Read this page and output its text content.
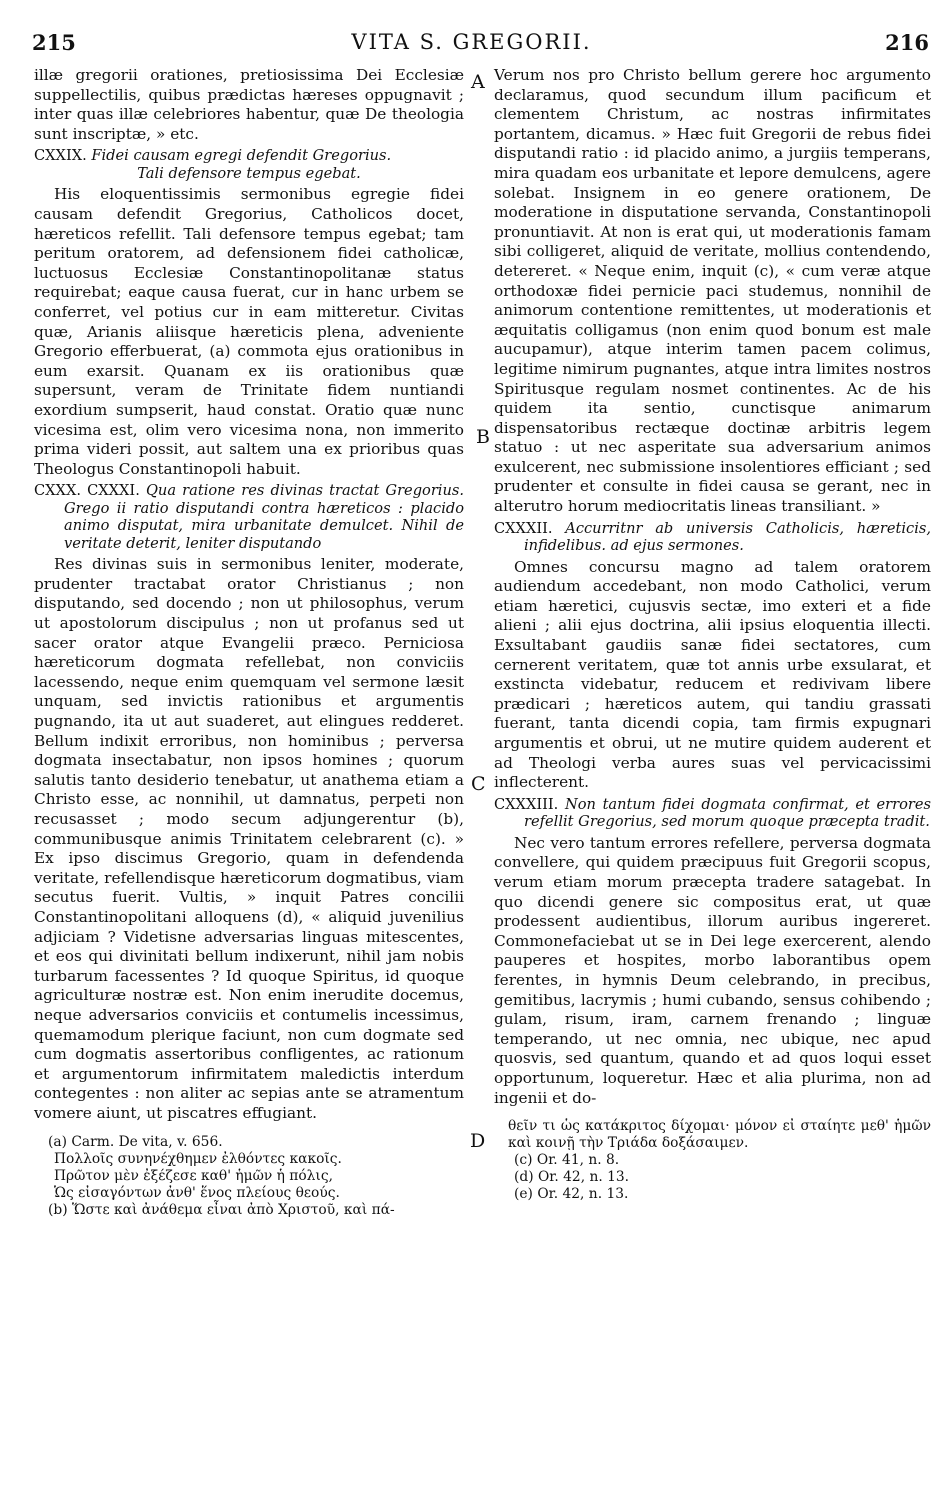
VITA S. GREGORII.
215	216
A
B
C
D

illæ gregorii orationes, pretiosissima Dei Ecclesiæ suppellectilis, quibus prædictas hæreses oppugnavit ; inter quas illæ celebriores habentur, quæ De theologia sunt inscriptæ, » etc.

CXXIX. Fidei causam egregi defendit Gregorius.
Tali defensore tempus egebat.

His eloquentissimis sermonibus egregie fidei causam defendit Gregorius, Catholicos docet, hæreticos refellit. Tali defensore tempus egebat; tam peritum oratorem, ad defensionem fidei catholicæ, luctuosus Ecclesiæ Constantinopolitanæ status requirebat; eaque causa fuerat, cur in hanc urbem se conferret, vel potius cur in eam mitteretur. Civitas quæ, Arianis aliisque hæreticis plena, adveniente Gregorio efferbuerat, (a) commota ejus orationibus in eum exarsit. Quanam ex iis orationibus quæ supersunt, veram de Trinitate fidem nuntiandi exordium sumpserit, haud constat. Oratio quæ nunc vicesima est, olim vero vicesima nona, non immerito prima videri possit, aut saltem una ex prioribus quas Theologus Constantinopoli habuit.

CXXX. CXXXI. Qua ratione res divinas tractat Gregorius. Grego ii ratio disputandi contra hæreticos : placido animo disputat, mira urbanitate demulcet. Nihil de veritate deterit, leniter disputando

Res divinas suis in sermonibus leniter, moderate, prudenter tractabat orator Christianus ; non disputando, sed docendo ; non ut philosophus, verum ut apostolorum discipulus ; non ut profanus sed ut sacer orator atque Evangelii præco. Perniciosa hæreticorum dogmata refellebat, non conviciis lacessendo, neque enim quemquam vel sermone læsit unquam, sed invictis rationibus et argumentis pugnando, ita ut aut suaderet, aut elingues redderet. Bellum indixit erroribus, non hominibus ; perversa dogmata insectabatur, non ipsos homines ; quorum salutis tanto desiderio tenebatur, ut anathema etiam a Christo esse, ac nonnihil, ut damnatus, perpeti non recusasset ; modo secum adjungerentur (b), communibusque animis Trinitatem celebrarent (c). » Ex ipso discimus Gregorio, quam in defendenda veritate, refellendisque hæreticorum dogmatibus, viam secutus fuerit. Vultis, » inquit Patres concilii Constantinopolitani alloquens (d), « aliquid juvenilius adjiciam ? Videtisne adversarias linguas mitescentes, et eos qui divinitati bellum indixerunt, nihil jam nobis turbarum facessentes ? Id quoque Spiritus, id quoque agriculturæ nostræ est. Non enim inerudite docemus, neque adversarios conviciis et contumelis incessimus, quemamodum plerique faciunt, non cum dogmate sed cum dogmatis assertoribus confligentes, ac rationum et argumentorum infirmitatem maledictis interdum contegentes : non aliter ac sepias ante se atramentum vomere aiunt, ut piscatres effugiant.

(a) Carm. De vita, v. 656.

Πολλοῖς συνηνέχθημεν ἐλθόντες κακοῖς.

Πρῶτον μὲν ἐξέζεσε καθ' ἡμῶν ἡ πόλις,

Ὡς εἰσαγόντων ἀνθ' ἕνος πλείους θεούς.

(b) Ὥστε καὶ ἀνάθεμα εἶναι ἀπὸ Χριστοῦ, καὶ πά-

Verum nos pro Christo bellum gerere hoc argumento declaramus, quod secundum illum pacificum et clementem Christum, ac nostras infirmitates portantem, dicamus. » Hæc fuit Gregorii de rebus fidei disputandi ratio : id placido animo, a jurgiis temperans, mira quadam eos urbanitate et lepore demulcens, agere solebat. Insignem in eo genere orationem, De moderatione in disputatione servanda, Constantinopoli pronuntiavit. At non is erat qui, ut moderationis famam sibi colligeret, aliquid de veritate, mollius contendendo, detereret. « Neque enim, inquit (c), « cum veræ atque orthodoxæ fidei pernicie paci studemus, nonnihil de animorum contentione remittentes, ut moderationis et æquitatis colligamus (non enim quod bonum est male aucupamur), atque interim tamen pacem colimus, legitime nimirum pugnantes, atque intra limites nostros Spiritusque regulam nosmet continentes. Ac de his quidem ita sentio, cunctisque animarum dispensatoribus rectæque doctinæ arbitris legem statuo : ut nec asperitate sua adversarium animos exulcerent, nec submissione insolentiores efficiant ; sed prudenter et consulte in fidei causa se gerant, nec in alterutro horum mediocritatis lineas transiliant. »

CXXXII. Accurritnr ab universis Catholicis, hæreticis, infidelibus. ad ejus sermones.

Omnes concursu magno ad talem oratorem audiendum accedebant, non modo Catholici, verum etiam hæretici, cujusvis sectæ, imo exteri et a fide alieni ; alii ejus doctrina, alii ipsius eloquentia illecti. Exsultabant gaudiis sanæ fidei sectatores, cum cernerent veritatem, quæ tot annis urbe exsularat, et exstincta videbatur, reducem et redivivam libere prædicari ; hæreticos autem, qui tandiu grassati fuerant, tanta dicendi copia, tam firmis expugnari argumentis et obrui, ut ne mutire quidem auderent et ad Theologi verba aures suas vel pervicacissimi inflecterent.

CXXXIII. Non tantum fidei dogmata confirmat, et errores refellit Gregorius, sed morum quoque præcepta tradit.

Nec vero tantum errores refellere, perversa dogmata convellere, qui quidem præcipuus fuit Gregorii scopus, verum etiam morum præcepta tradere satagebat. In quo dicendi genere sic compositus erat, ut quæ prodessent audientibus, illorum auribus ingereret. Commonefaciebat ut se in Dei lege exercerent, alendo pauperes et hospites, morbo laborantibus opem ferentes, in hymnis Deum celebrando, in precibus, gemitibus, lacrymis ; humi cubando, sensus cohibendo ; gulam, risum, iram, carnem frenando ; linguæ temperando, ut nec omnia, nec ubique, nec apud quosvis, sed quantum, quando et ad quos loqui esset opportunum, loqueretur. Hæc et alia plurima, non ad ingenii et do-

θεῖν τι ὡς κατάκριτος δίχομαι· μόνον εἰ σταίητε μεθ' ἡμῶν καὶ κοινῇ τὴν Τριάδα δοξάσαιμεν.

(c) Or. 41, n. 8.

(d) Or. 42, n. 13.

(e) Or. 42, n. 13.
